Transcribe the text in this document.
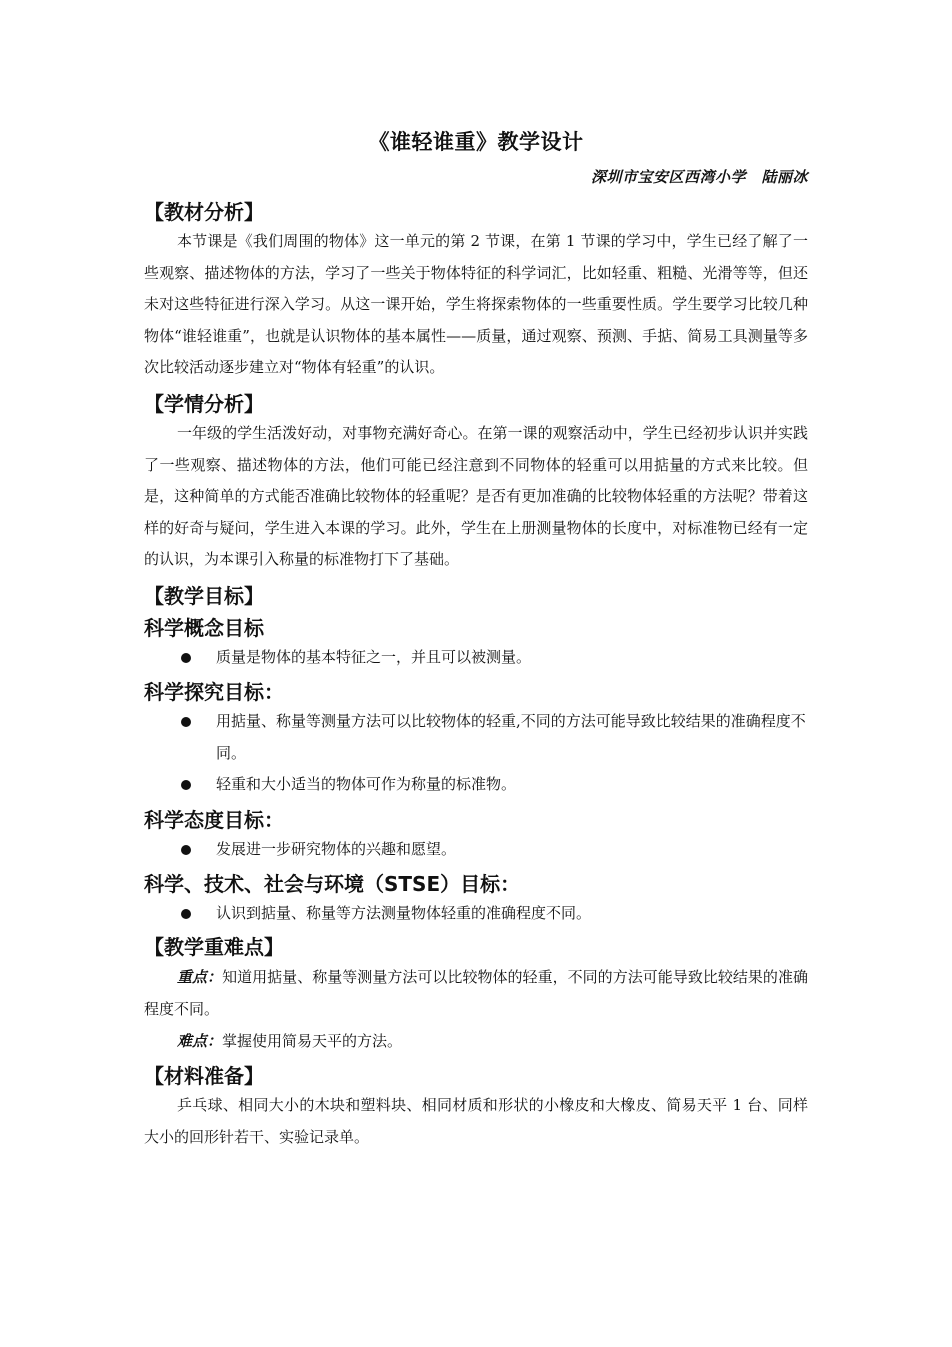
《谁轻谁重》教学设计
深圳市宝安区西湾小学　陆丽冰
【教材分析】

本节课是《我们周围的物体》这一单元的第 2 节课，在第 1 节课的学习中，学生已经了解了一些观察、描述物体的方法，学习了一些关于物体特征的科学词汇，比如轻重、粗糙、光滑等等，但还未对这些特征进行深入学习。从这一课开始，学生将探索物体的一些重要性质。学生要学习比较几种物体“谁轻谁重”，也就是认识物体的基本属性——质量，通过观察、预测、手掂、简易工具测量等多次比较活动逐步建立对“物体有轻重”的认识。

【学情分析】

一年级的学生活泼好动，对事物充满好奇心。在第一课的观察活动中，学生已经初步认识并实践了一些观察、描述物体的方法，他们可能已经注意到不同物体的轻重可以用掂量的方式来比较。但是，这种简单的方式能否准确比较物体的轻重呢？是否有更加准确的比较物体轻重的方法呢？带着这样的好奇与疑问，学生进入本课的学习。此外，学生在上册测量物体的长度中，对标准物已经有一定的认识，为本课引入称量的标准物打下了基础。

【教学目标】
科学概念目标
质量是物体的基本特征之一，并且可以被测量。
科学探究目标：
用掂量、称量等测量方法可以比较物体的轻重,不同的方法可能导致比较结果的准确程度不同。
轻重和大小适当的物体可作为称量的标准物。
科学态度目标：
发展进一步研究物体的兴趣和愿望。
科学、技术、社会与环境（STSE）目标：
认识到掂量、称量等方法测量物体轻重的准确程度不同。
【教学重难点】

重点：知道用掂量、称量等测量方法可以比较物体的轻重，不同的方法可能导致比较结果的准确程度不同。

难点：掌握使用简易天平的方法。

【材料准备】

乒乓球、相同大小的木块和塑料块、相同材质和形状的小橡皮和大橡皮、简易天平 1 台、同样大小的回形针若干、实验记录单。
